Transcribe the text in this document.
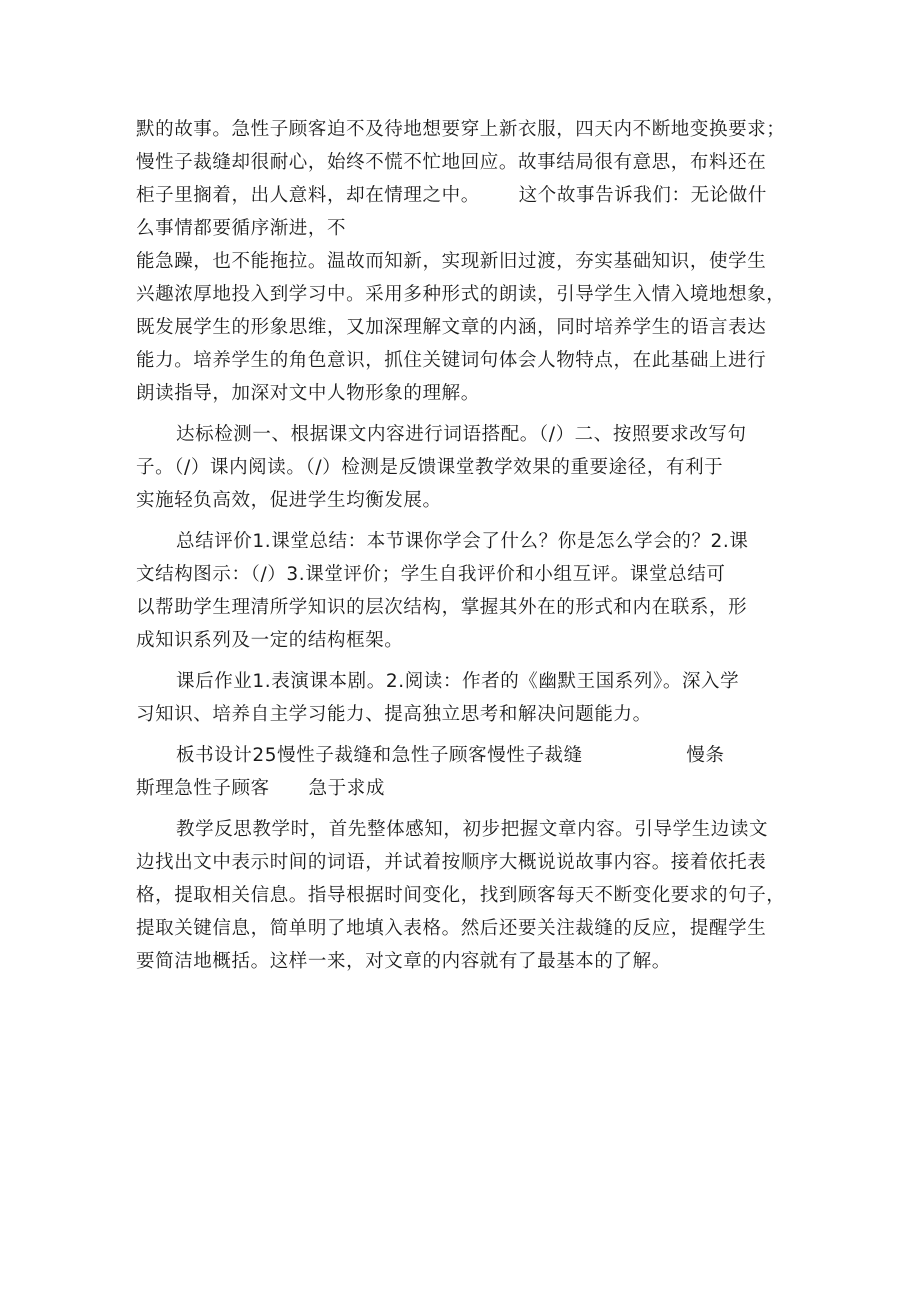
默的故事。急性子顾客迫不及待地想要穿上新衣服，四天内不断地变换要求；
慢性子裁缝却很耐心，始终不慌不忙地回应。故事结局很有意思，布料还在
柜子里搁着，出人意料，却在情理之中。      这个故事告诉我们：无论做什
么事情都要循序渐进，不
能急躁，也不能拖拉。温故而知新，实现新旧过渡，夯实基础知识，使学生
兴趣浓厚地投入到学习中。采用多种形式的朗读，引导学生入情入境地想象，
既发展学生的形象思维，又加深理解文章的内涵，同时培养学生的语言表达
能力。培养学生的角色意识，抓住关键词句体会人物特点，在此基础上进行
朗读指导，加深对文中人物形象的理解。
达标检测一、根据课文内容进行词语搭配。（/）二、按照要求改写句
子。（/）课内阅读。（/）检测是反馈课堂教学效果的重要途径，有利于
实施轻负高效，促进学生均衡发展。
总结评价1.课堂总结：本节课你学会了什么？你是怎么学会的？2.课
文结构图示：（/）3.课堂评价；学生自我评价和小组互评。课堂总结可
以帮助学生理清所学知识的层次结构，掌握其外在的形式和内在联系，形
成知识系列及一定的结构框架。
课后作业1.表演课本剧。2.阅读：作者的《幽默王国系列》。深入学
习知识、培养自主学习能力、提高独立思考和解决问题能力。
板书设计25慢性子裁缝和急性子顾客慢性子裁缝                慢条
斯理急性子顾客      急于求成
教学反思教学时，首先整体感知，初步把握文章内容。引导学生边读文
边找出文中表示时间的词语，并试着按顺序大概说说故事内容。接着依托表
格，提取相关信息。指导根据时间变化，找到顾客每天不断变化要求的句子，
提取关键信息，简单明了地填入表格。然后还要关注裁缝的反应，提醒学生
要简洁地概括。这样一来，对文章的内容就有了最基本的了解。
